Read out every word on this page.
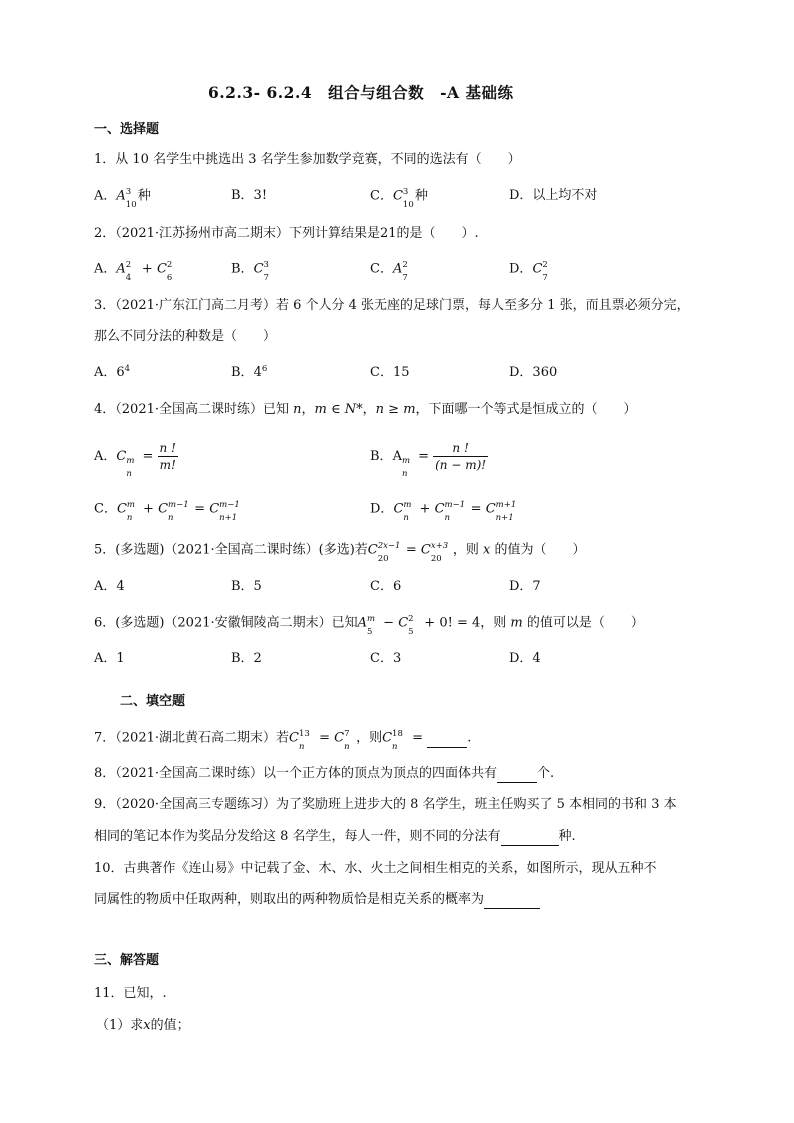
6.2.3- 6.2.4　组合与组合数　-A 基础练
一、选择题
1．从 10 名学生中挑选出 3 名学生参加数学竞赛，不同的选法有（　　）
A．A 3
10
种	B．3!	C．C 3
10
种	D．以上均不对
2．（2021·江苏扬州市高二期末）下列计算结果是21的是（　　）.
A．A 2
4
+ C 2
6
B．C 3
7
C．A 2
7
D．C 2
7
3．（2021·广东江门高二月考）若 6 个人分 4 张无座的足球门票，每人至多分 1 张，而且票必须分完，
那么不同分法的种数是（　　）
A．$6^4$	B．$4^6$	C．15	D．360
4．（2021·全国高二课时练）已知 n，m ∈ N*，n ≥ m，下面哪一个等式是恒成立的（　　）
A．C m
n
= $\frac{n !}{m!}$	B．A m
n
= $\frac{n !}{(n - m)!}$
C．C m
n
+ C m−1
n
= C m−1
n+1
D．C m
n
+ C m−1
n
= C m+1
n+1
5．(多选题)（2021·全国高二课时练）(多选)若C 2x−1
20
= C x+3
20
，则 x 的值为（　　）
A．4	B．5	C．6	D．7
6．(多选题)（2021·安徽铜陵高二期末）已知A m
5
− C 2
5
+ 0! = 4，则 m 的值可以是（　　）
A．1	B．2	C．3	D．4
二、填空题
7．（2021·湖北黄石高二期末）若C 13
n
= C 7
n
，则C 18
n
=	.
8．（2021·全国高二课时练）以一个正方体的顶点为顶点的四面体共有	个.
9．（2020·全国高三专题练习）为了奖励班上进步大的 8 名学生，班主任购买了 5 本相同的书和 3 本
相同的笔记本作为奖品分发给这 8 名学生，每人一件，则不同的分法有	种.
10．古典著作《连山易》中记载了金、木、水、火土之间相生相克的关系，如图所示，现从五种不
同属性的物质中任取两种，则取出的两种物质恰是相克关系的概率为
三、解答题
11．已知，.
（1）求x的值；
